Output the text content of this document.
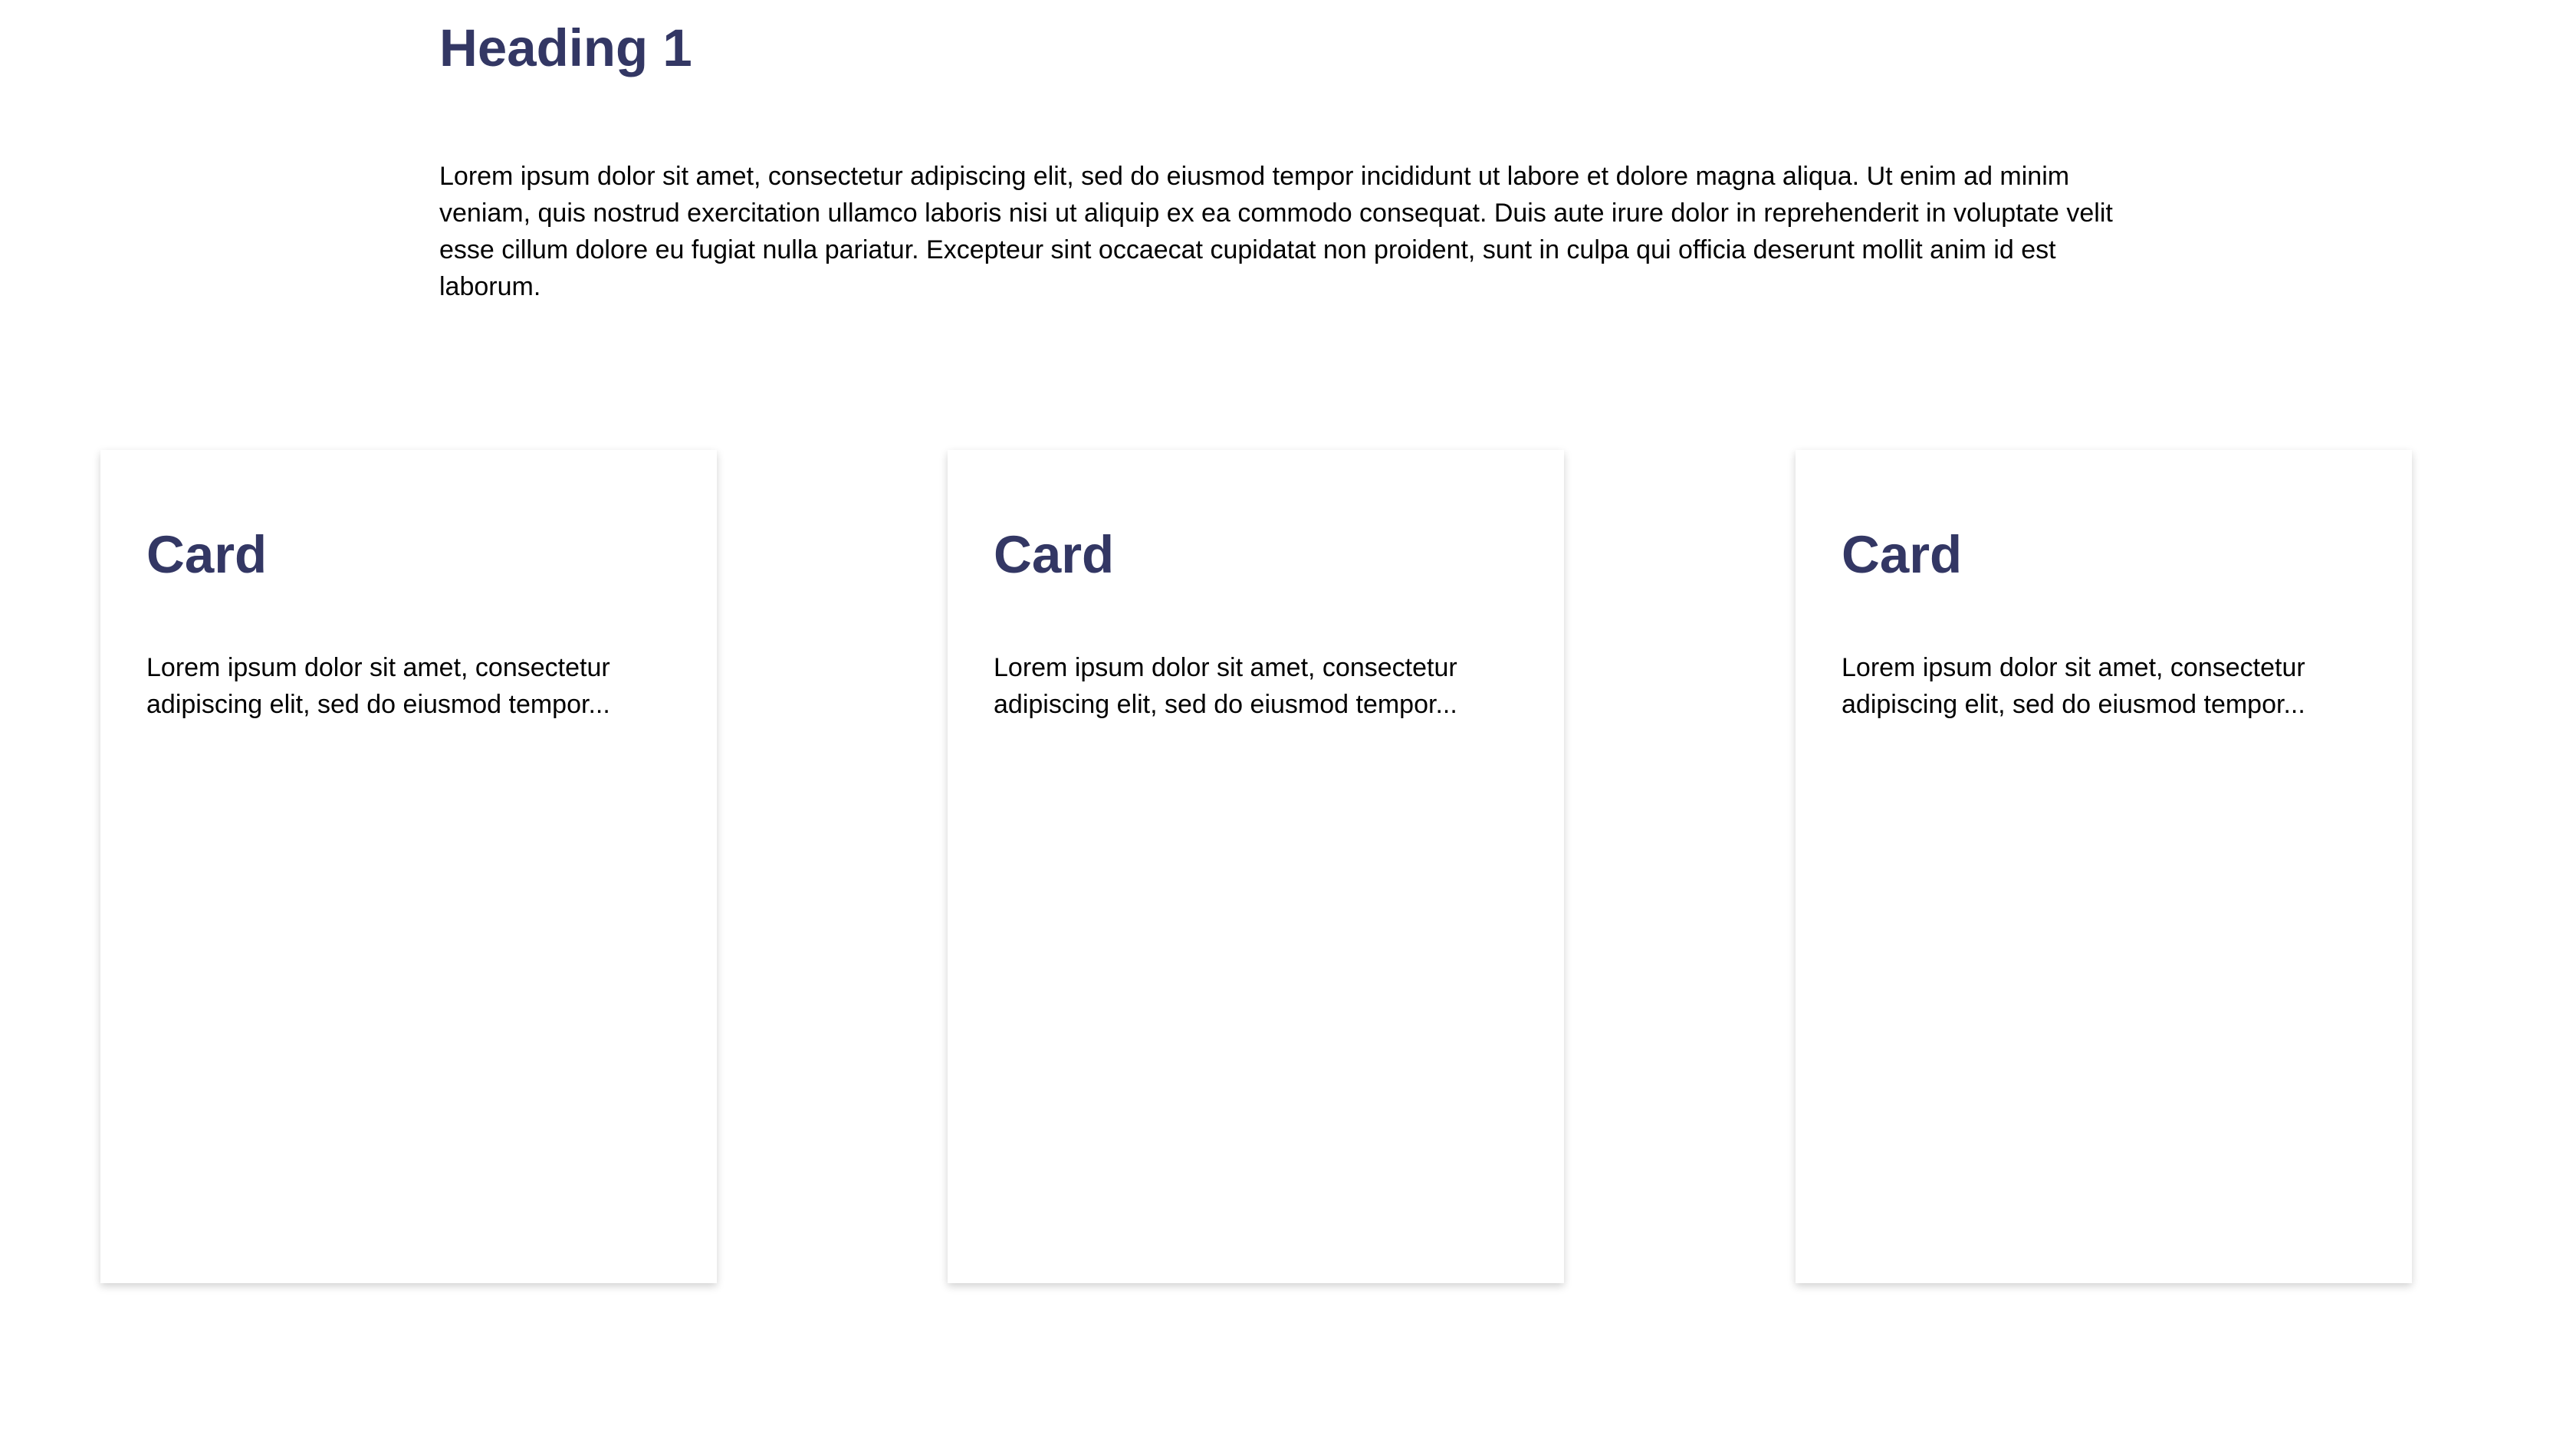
Heading 1

Lorem ipsum dolor sit amet, consectetur adipiscing elit, sed do eiusmod tempor incididunt ut labore et dolore magna aliqua. Ut enim ad minim veniam, quis nostrud exercitation ullamco laboris nisi ut aliquip ex ea commodo consequat. Duis aute irure dolor in reprehenderit in voluptate velit esse cillum dolore eu fugiat nulla pariatur. Excepteur sint occaecat cupidatat non proident, sunt in culpa qui officia deserunt mollit anim id est laborum.

Card

Lorem ipsum dolor sit amet, consectetur adipiscing elit, sed do eiusmod tempor...

Card

Lorem ipsum dolor sit amet, consectetur adipiscing elit, sed do eiusmod tempor...

Card

Lorem ipsum dolor sit amet, consectetur adipiscing elit, sed do eiusmod tempor...
